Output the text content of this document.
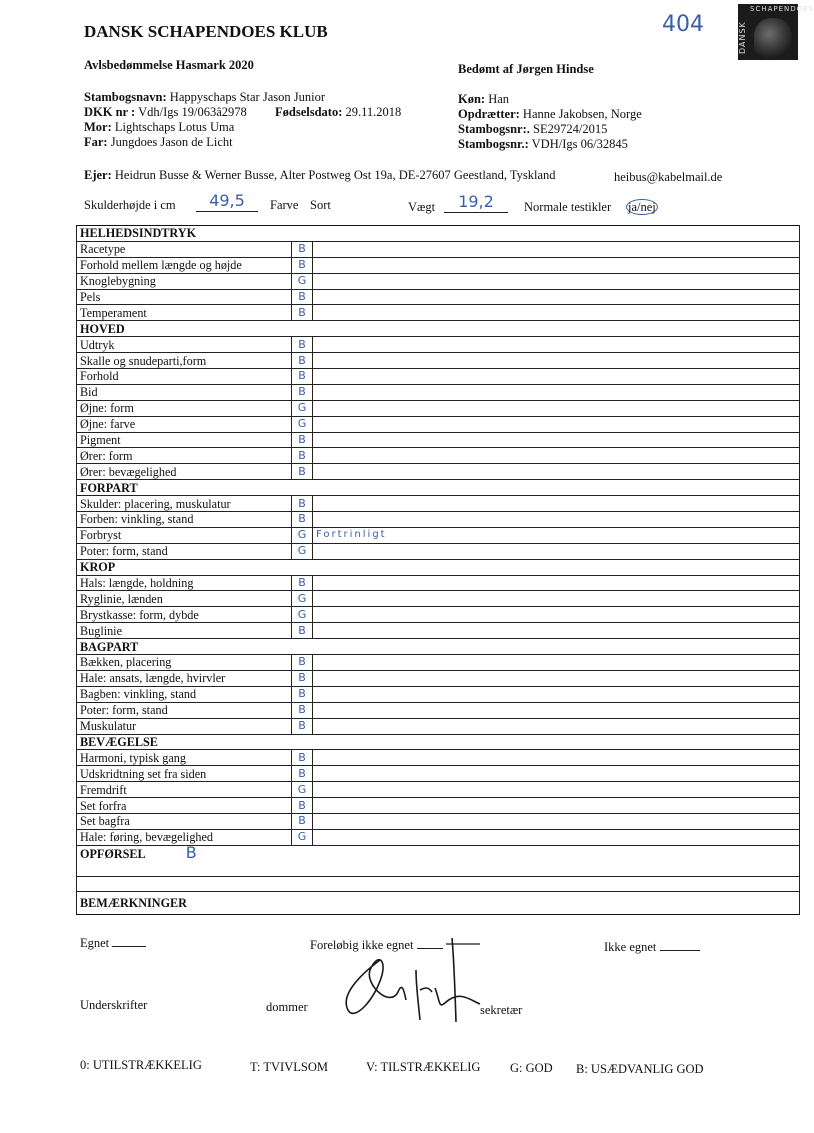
DANSK SCHAPENDOES KLUB	404
SCHAPENDOES
DANSK
Avlsbedømmelse Hasmark 2020	Bedømt af Jørgen Hindse
Stambogsnavn: Happyschaps Star Jason Junior
DKK nr : Vdh/Igs 19/063â2978 Fødselsdato: 29.11.2018
Mor: Lightschaps Lotus Uma
Far: Jungdoes Jason de Licht
Køn: Han
Opdrætter: Hanne Jakobsen, Norge
Stambogsnr:. SE29724/2015
Stambogsnr.: VDH/Igs 06/32845
Ejer: Heidrun Busse & Werner Busse, Alter Postweg Ost 19a, DE-27607 Geestland, Tyskland	heibus@kabelmail.de
Skulderhøjde i cm	49,5	Farve Sort	Vægt	19,2	Normale testikler ja/nej
HELHEDSINDTRYK		
Racetype	B	
Forhold mellem længde og højde	B	
Knoglebygning	G	
Pels	B	
Temperament	B	
HOVED		
Udtryk	B	
Skalle og snudeparti,form	B	
Forhold	B	
Bid	B	
Øjne: form	G	
Øjne: farve	G	
Pigment	B	
Ører: form	B	
Ører: bevægelighed	B	
FORPART		
Skulder: placering, muskulatur	B	
Forben: vinkling, stand	B	
Forbryst	G	Fortrinligt
Poter: form, stand	G	
KROP		
Hals: længde, holdning	B	
Ryglinie, lænden	G	
Brystkasse: form, dybde	G	
Buglinie	B	
BAGPART		
Bækken, placering	B	
Hale: ansats, længde, hvirvler	B	
Bagben: vinkling, stand	B	
Poter: form, stand	B	
Muskulatur	B	
BEVÆGELSE		
Harmoni, typisk gang	B	
Udskridtning set fra siden	B	
Fremdrift	G	
Set forfra	B	
Set bagfra	B	
Hale: føring, bevægelighed	G	
OPFØRSEL B		

BEMÆRKNINGER		
Egnet	Foreløbig ikke egnet	Ikke egnet
Underskrifter	dommer	sekretær
0: UTILSTRÆKKELIG	T: TVIVLSOM	V: TILSTRÆKKELIG G: GOD B: USÆDVANLIG GOD
